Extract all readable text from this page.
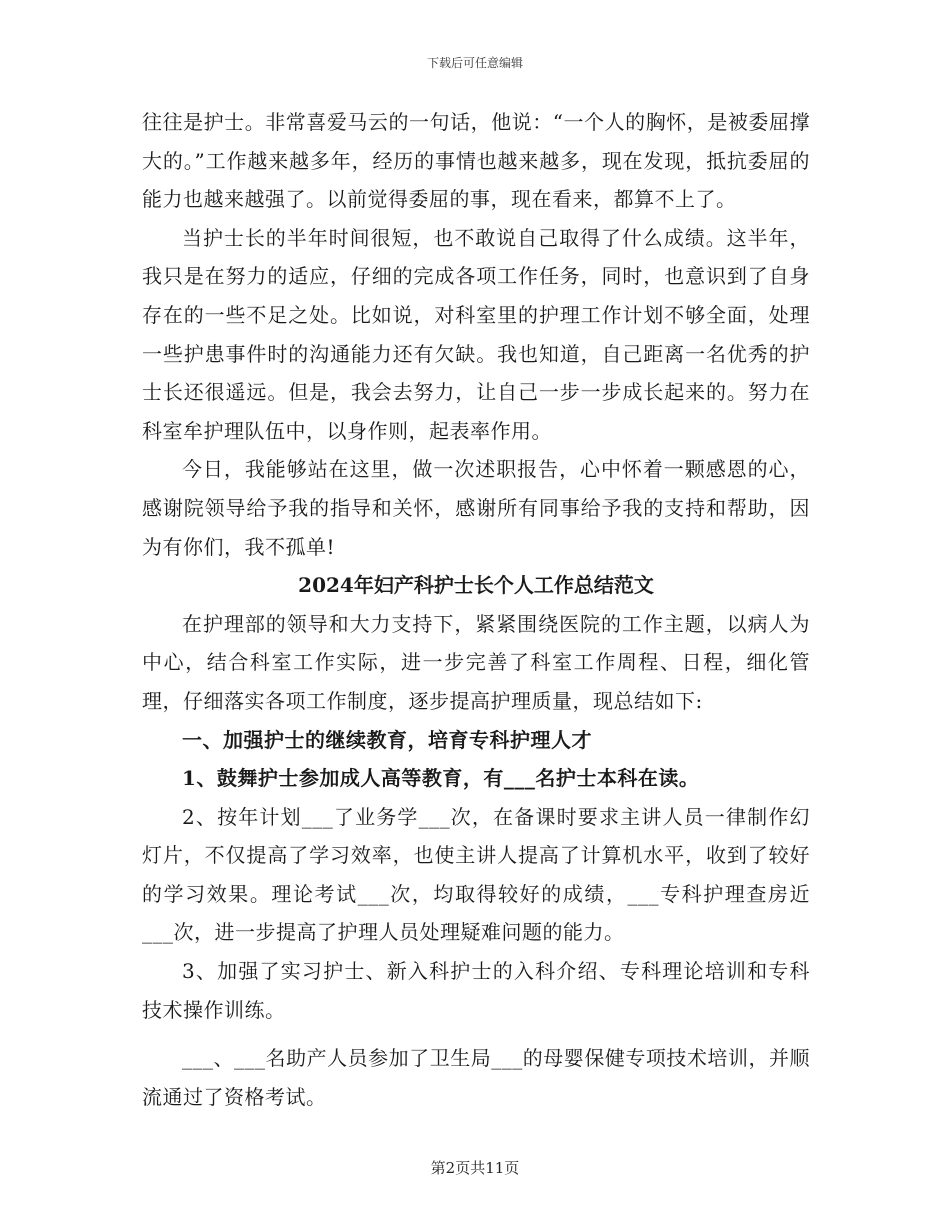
下载后可任意编辑

往往是护士。非常喜爱马云的一句话，他说：“一个人的胸怀，是被委屈撑大的。”工作越来越多年，经历的事情也越来越多，现在发现，抵抗委屈的能力也越来越强了。以前觉得委屈的事，现在看来，都算不上了。

当护士长的半年时间很短，也不敢说自己取得了什么成绩。这半年，我只是在努力的适应，仔细的完成各项工作任务，同时，也意识到了自身存在的一些不足之处。比如说，对科室里的护理工作计划不够全面，处理一些护患事件时的沟通能力还有欠缺。我也知道，自己距离一名优秀的护士长还很遥远。但是，我会去努力，让自己一步一步成长起来的。努力在科室牟护理队伍中，以身作则，起表率作用。

今日，我能够站在这里，做一次述职报告，心中怀着一颗感恩的心，感谢院领导给予我的指导和关怀，感谢所有同事给予我的支持和帮助，因为有你们，我不孤单!

2024年妇产科护士长个人工作总结范文

在护理部的领导和大力支持下，紧紧围绕医院的工作主题，以病人为中心，结合科室工作实际，进一步完善了科室工作周程、日程，细化管理，仔细落实各项工作制度，逐步提高护理质量，现总结如下:

一、加强护士的继续教育，培育专科护理人才

1、鼓舞护士参加成人高等教育，有___名护士本科在读。

2、按年计划___了业务学___次，在备课时要求主讲人员一律制作幻灯片，不仅提高了学习效率，也使主讲人提高了计算机水平，收到了较好的学习效果。理论考试___次，均取得较好的成绩，___专科护理查房近___次，进一步提高了护理人员处理疑难问题的能力。

3、加强了实习护士、新入科护士的入科介绍、专科理论培训和专科技术操作训练。

___、___名助产人员参加了卫生局___的母婴保健专项技术培训，并顺流通过了资格考试。

第2页共11页
